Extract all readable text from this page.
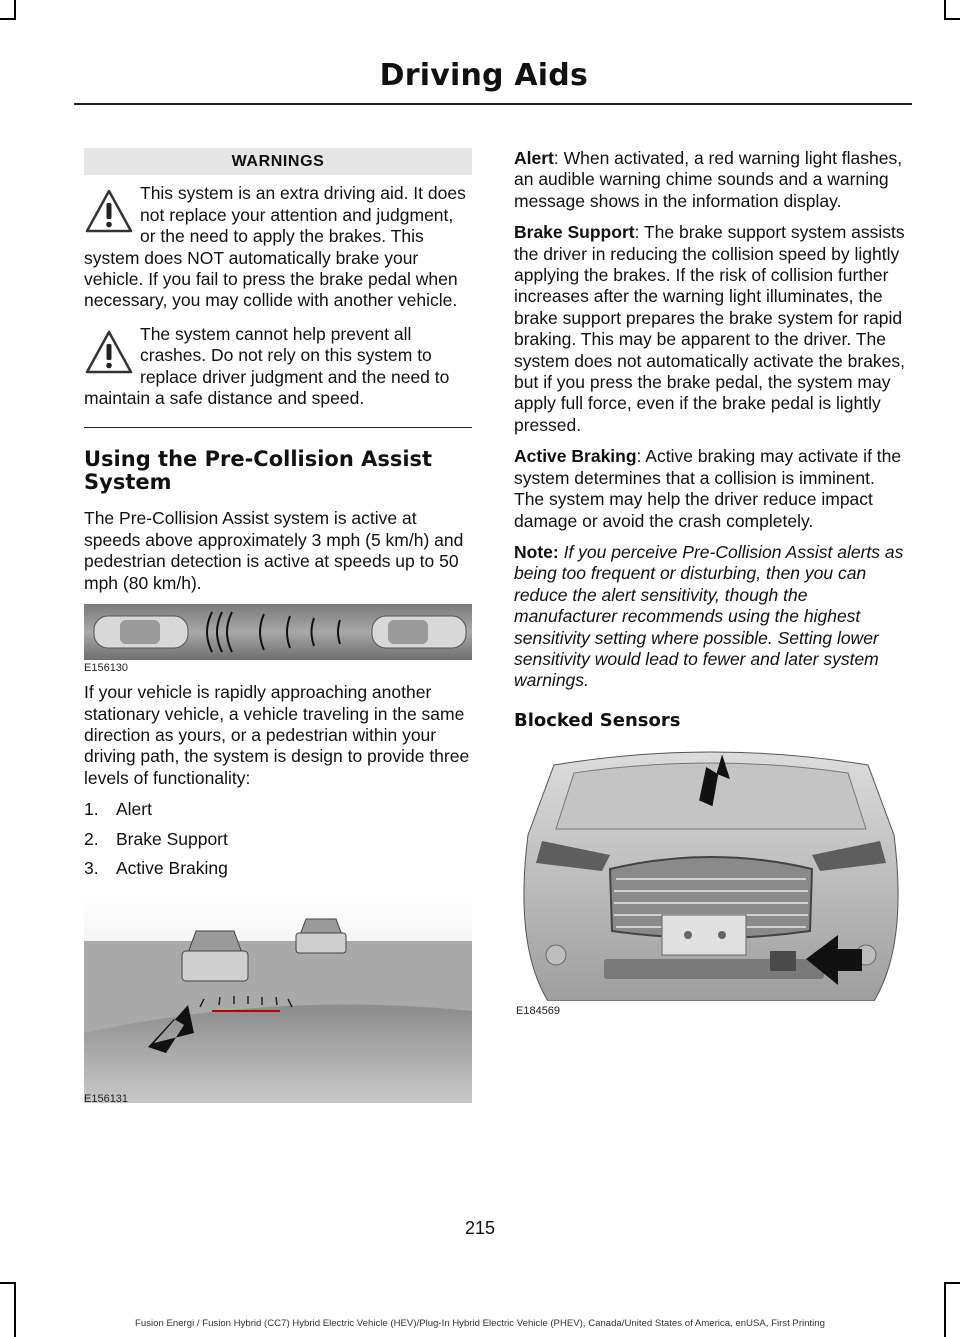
Driving Aids
WARNINGS
This system is an extra driving aid. It does not replace your attention and judgment, or the need to apply the brakes. This system does NOT automatically brake your vehicle. If you fail to press the brake pedal when necessary, you may collide with another vehicle.
The system cannot help prevent all crashes. Do not rely on this system to replace driver judgment and the need to maintain a safe distance and speed.
Using the Pre-Collision Assist System

The Pre-Collision Assist system is active at speeds above approximately 3 mph (5 km/h) and pedestrian detection is active at speeds up to 50 mph (80 km/h).

E156130

If your vehicle is rapidly approaching another stationary vehicle, a vehicle traveling in the same direction as yours, or a pedestrian within your driving path, the system is design to provide three levels of functionality:

1. Alert
2. Brake Support
3. Active Braking
E156131

Alert: When activated, a red warning light flashes, an audible warning chime sounds and a warning message shows in the information display.

Brake Support: The brake support system assists the driver in reducing the collision speed by lightly applying the brakes. If the risk of collision further increases after the warning light illuminates, the brake support prepares the brake system for rapid braking. This may be apparent to the driver. The system does not automatically activate the brakes, but if you press the brake pedal, the system may apply full force, even if the brake pedal is lightly pressed.

Active Braking: Active braking may activate if the system determines that a collision is imminent. The system may help the driver reduce impact damage or avoid the crash completely.

Note: If you perceive Pre-Collision Assist alerts as being too frequent or disturbing, then you can reduce the alert sensitivity, though the manufacturer recommends using the highest sensitivity setting where possible. Setting lower sensitivity would lead to fewer and later system warnings.

Blocked Sensors
E184569
215
Fusion Energi / Fusion Hybrid (CC7) Hybrid Electric Vehicle (HEV)/Plug-In Hybrid Electric Vehicle (PHEV), Canada/United States of America, enUSA, First Printing
